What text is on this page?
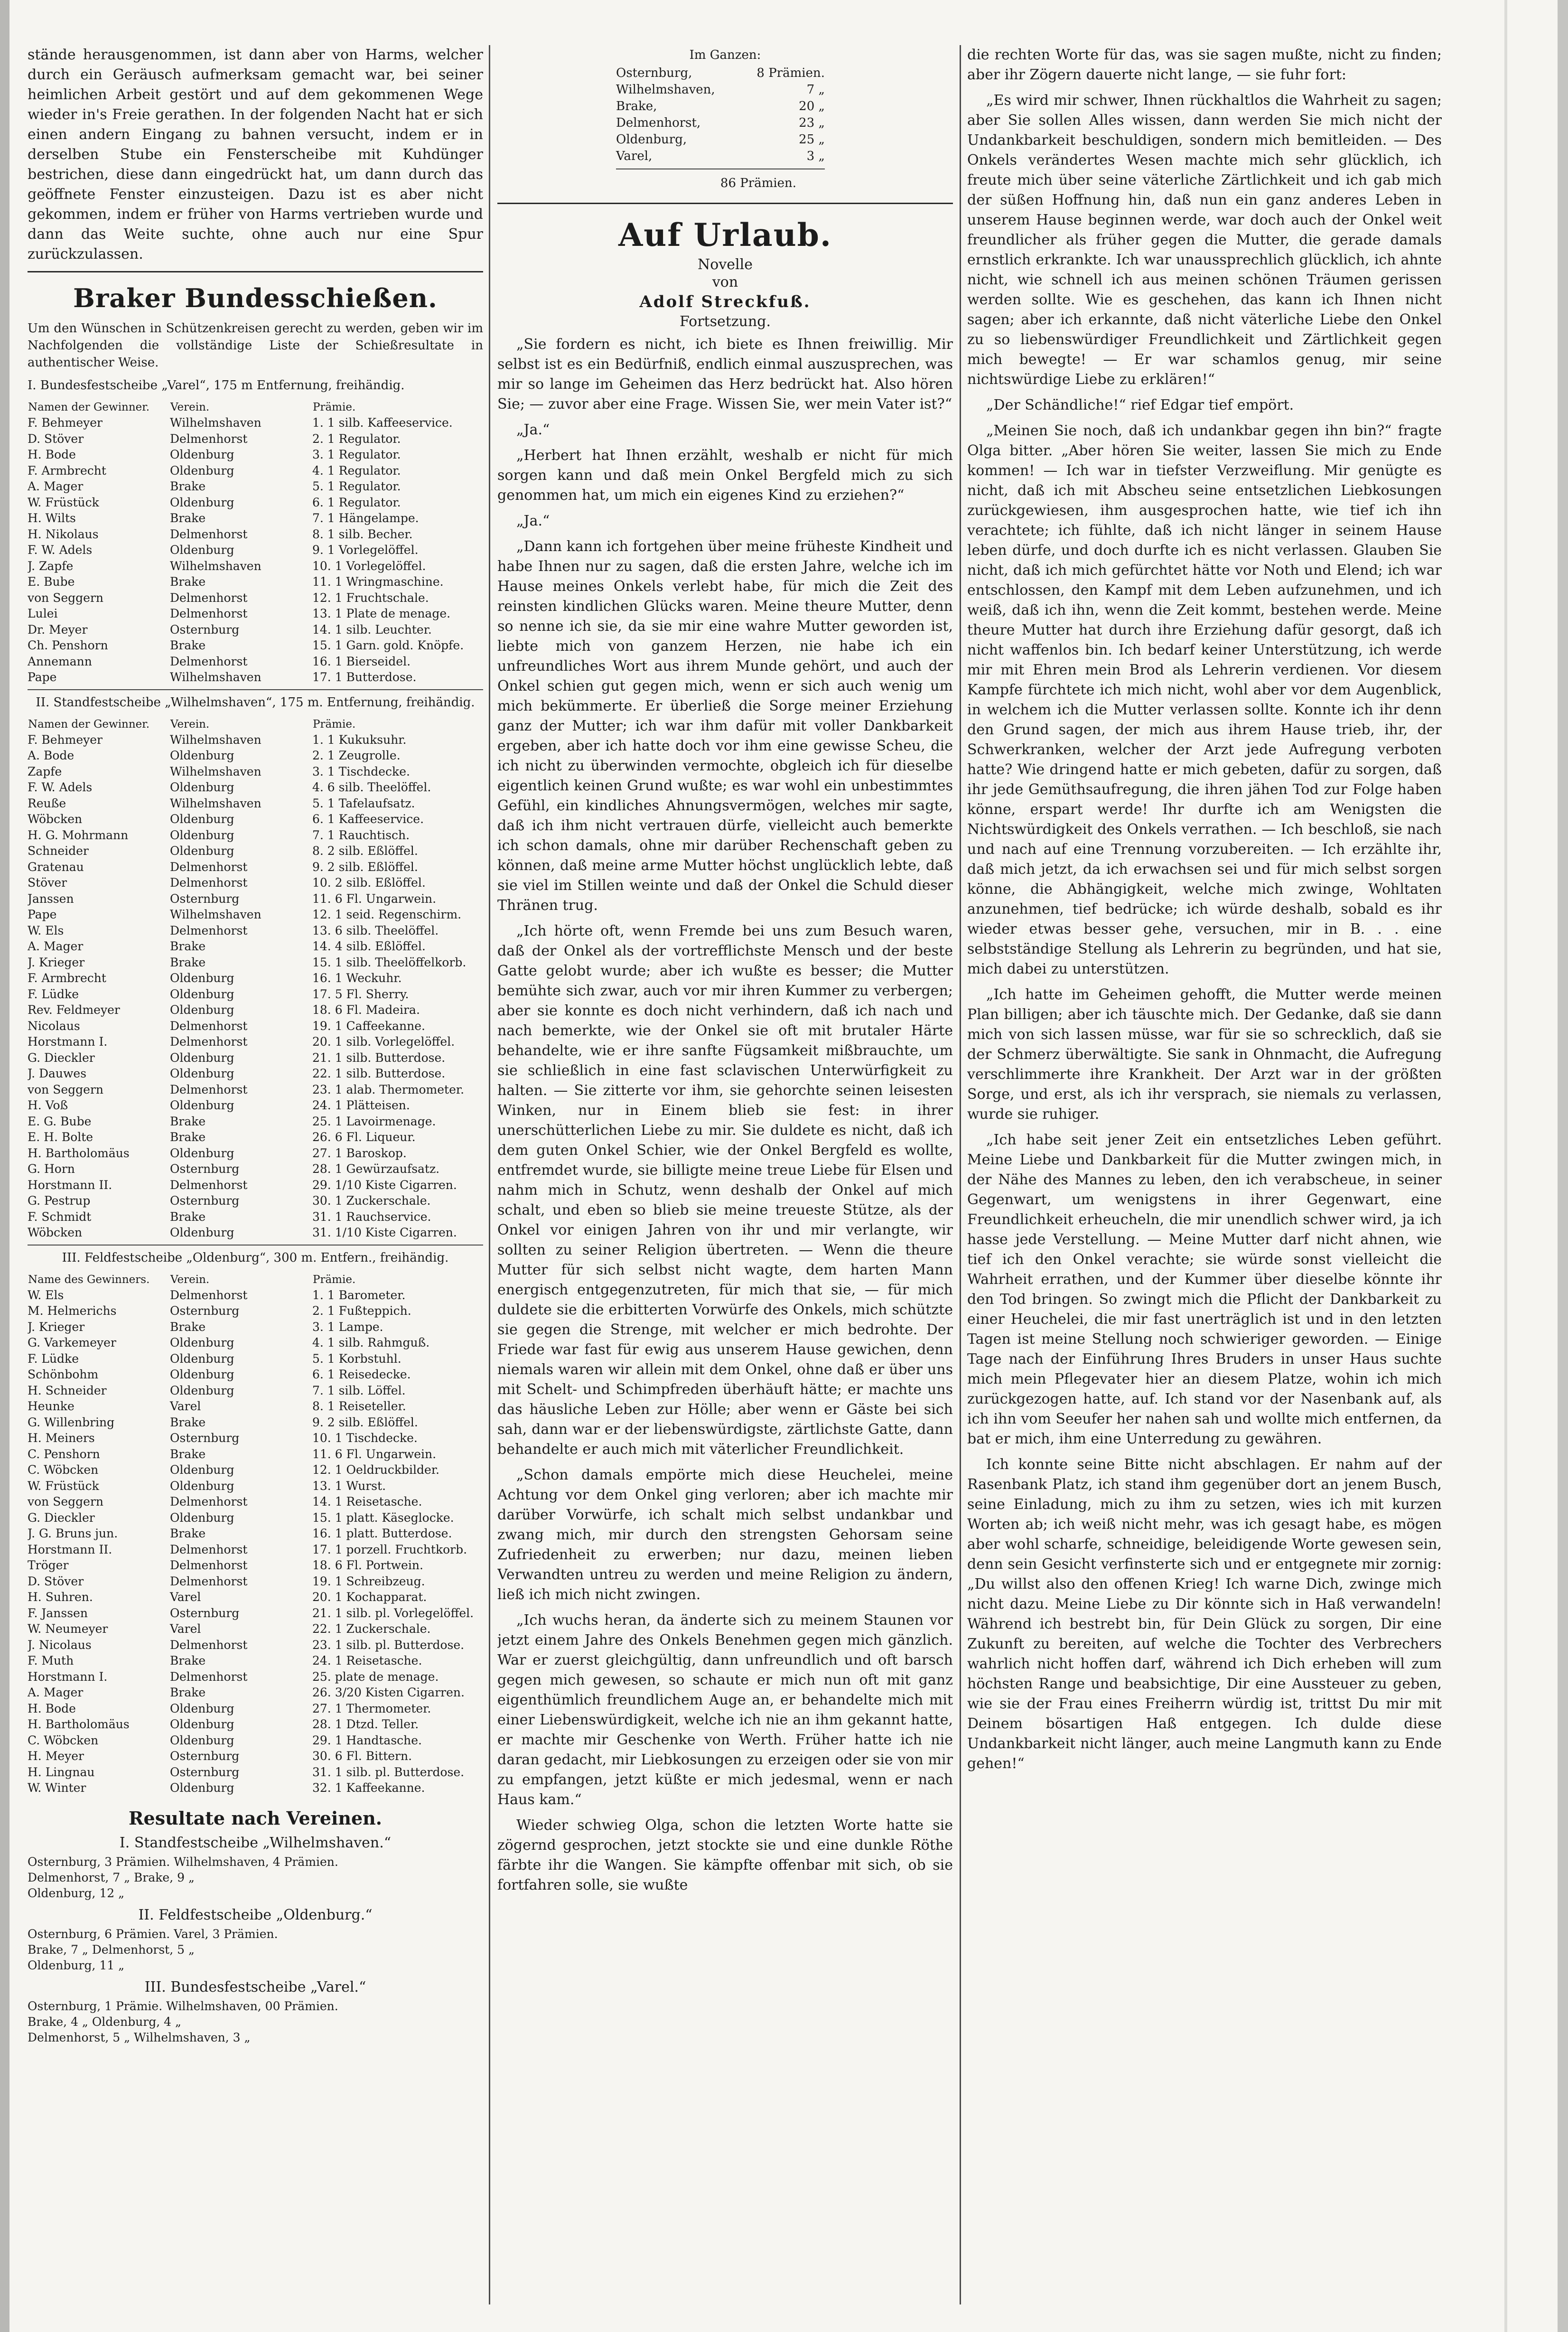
stände herausgenommen, ist dann aber von Harms, welcher durch ein Geräusch aufmerksam gemacht war, bei seiner heimlichen Arbeit gestört und auf dem gekommenen Wege wieder in's Freie gerathen. In der folgenden Nacht hat er sich einen andern Eingang zu bahnen versucht, indem er in derselben Stube ein Fensterscheibe mit Kuhdünger bestrichen, diese dann eingedrückt hat, um dann durch das geöffnete Fenster einzusteigen. Dazu ist es aber nicht gekommen, indem er früher von Harms vertrieben wurde und dann das Weite suchte, ohne auch nur eine Spur zurückzulassen.

Braker Bundesschießen.

Um den Wünschen in Schützenkreisen gerecht zu werden, geben wir im Nachfolgenden die vollständige Liste der Schießresultate in authentischer Weise.

I. Bundesfestscheibe „Varel“, 175 m Entfernung, freihändig.

Namen der Gewinner.	Verein.	Prämie.
F. Behmeyer	Wilhelmshaven	1. 1 silb. Kaffeeservice.
D. Stöver	Delmenhorst	2. 1 Regulator.
H. Bode	Oldenburg	3. 1 Regulator.
F. Armbrecht	Oldenburg	4. 1 Regulator.
A. Mager	Brake	5. 1 Regulator.
W. Früstück	Oldenburg	6. 1 Regulator.
H. Wilts	Brake	7. 1 Hängelampe.
H. Nikolaus	Delmenhorst	8. 1 silb. Becher.
F. W. Adels	Oldenburg	9. 1 Vorlegelöffel.
J. Zapfe	Wilhelmshaven	10. 1 Vorlegelöffel.
E. Bube	Brake	11. 1 Wringmaschine.
von Seggern	Delmenhorst	12. 1 Fruchtschale.
Lulei	Delmenhorst	13. 1 Plate de menage.
Dr. Meyer	Osternburg	14. 1 silb. Leuchter.
Ch. Penshorn	Brake	15. 1 Garn. gold. Knöpfe.
Annemann	Delmenhorst	16. 1 Bierseidel.
Pape	Wilhelmshaven	17. 1 Butterdose.

II. Standfestscheibe „Wilhelmshaven“, 175 m. Entfernung, freihändig.

Namen der Gewinner.	Verein.	Prämie.
F. Behmeyer	Wilhelmshaven	1. 1 Kukuksuhr.
A. Bode	Oldenburg	2. 1 Zeugrolle.
Zapfe	Wilhelmshaven	3. 1 Tischdecke.
F. W. Adels	Oldenburg	4. 6 silb. Theelöffel.
Reuße	Wilhelmshaven	5. 1 Tafelaufsatz.
Wöbcken	Oldenburg	6. 1 Kaffeeservice.
H. G. Mohrmann	Oldenburg	7. 1 Rauchtisch.
Schneider	Oldenburg	8. 2 silb. Eßlöffel.
Gratenau	Delmenhorst	9. 2 silb. Eßlöffel.
Stöver	Delmenhorst	10. 2 silb. Eßlöffel.
Janssen	Osternburg	11. 6 Fl. Ungarwein.
Pape	Wilhelmshaven	12. 1 seid. Regenschirm.
W. Els	Delmenhorst	13. 6 silb. Theelöffel.
A. Mager	Brake	14. 4 silb. Eßlöffel.
J. Krieger	Brake	15. 1 silb. Theelöffelkorb.
F. Armbrecht	Oldenburg	16. 1 Weckuhr.
F. Lüdke	Oldenburg	17. 5 Fl. Sherry.
Rev. Feldmeyer	Oldenburg	18. 6 Fl. Madeira.
Nicolaus	Delmenhorst	19. 1 Caffeekanne.
Horstmann I.	Delmenhorst	20. 1 silb. Vorlegelöffel.
G. Dieckler	Oldenburg	21. 1 silb. Butterdose.
J. Dauwes	Oldenburg	22. 1 silb. Butterdose.
von Seggern	Delmenhorst	23. 1 alab. Thermometer.
H. Voß	Oldenburg	24. 1 Plätteisen.
E. G. Bube	Brake	25. 1 Lavoirmenage.
E. H. Bolte	Brake	26. 6 Fl. Liqueur.
H. Bartholomäus	Oldenburg	27. 1 Baroskop.
G. Horn	Osternburg	28. 1 Gewürzaufsatz.
Horstmann II.	Delmenhorst	29. 1/10 Kiste Cigarren.
G. Pestrup	Osternburg	30. 1 Zuckerschale.
F. Schmidt	Brake	31. 1 Rauchservice.
Wöbcken	Oldenburg	31. 1/10 Kiste Cigarren.

III. Feldfestscheibe „Oldenburg“, 300 m. Entfern., freihändig.

Name des Gewinners.	Verein.	Prämie.
W. Els	Delmenhorst	1. 1 Barometer.
M. Helmerichs	Osternburg	2. 1 Fußteppich.
J. Krieger	Brake	3. 1 Lampe.
G. Varkemeyer	Oldenburg	4. 1 silb. Rahmguß.
F. Lüdke	Oldenburg	5. 1 Korbstuhl.
Schönbohm	Oldenburg	6. 1 Reisedecke.
H. Schneider	Oldenburg	7. 1 silb. Löffel.
Heunke	Varel	8. 1 Reiseteller.
G. Willenbring	Brake	9. 2 silb. Eßlöffel.
H. Meiners	Osternburg	10. 1 Tischdecke.
C. Penshorn	Brake	11. 6 Fl. Ungarwein.
C. Wöbcken	Oldenburg	12. 1 Oeldruckbilder.
W. Früstück	Oldenburg	13. 1 Wurst.
von Seggern	Delmenhorst	14. 1 Reisetasche.
G. Dieckler	Oldenburg	15. 1 platt. Käseglocke.
J. G. Bruns jun.	Brake	16. 1 platt. Butterdose.
Horstmann II.	Delmenhorst	17. 1 porzell. Fruchtkorb.
Tröger	Delmenhorst	18. 6 Fl. Portwein.
D. Stöver	Delmenhorst	19. 1 Schreibzeug.
H. Suhren.	Varel	20. 1 Kochapparat.
F. Janssen	Osternburg	21. 1 silb. pl. Vorlegelöffel.
W. Neumeyer	Varel	22. 1 Zuckerschale.
J. Nicolaus	Delmenhorst	23. 1 silb. pl. Butterdose.
F. Muth	Brake	24. 1 Reisetasche.
Horstmann I.	Delmenhorst	25. plate de menage.
A. Mager	Brake	26. 3/20 Kisten Cigarren.
H. Bode	Oldenburg	27. 1 Thermometer.
H. Bartholomäus	Oldenburg	28. 1 Dtzd. Teller.
C. Wöbcken	Oldenburg	29. 1 Handtasche.
H. Meyer	Osternburg	30. 6 Fl. Bittern.
H. Lingnau	Osternburg	31. 1 silb. pl. Butterdose.
W. Winter	Oldenburg	32. 1 Kaffeekanne.
Resultate nach Vereinen.
I. Standfestscheibe „Wilhelmshaven.“

Osternburg, 3 Prämien. Wilhelmshaven, 4 Prämien.

Delmenhorst, 7 „ Brake, 9 „

Oldenburg, 12 „

II. Feldfestscheibe „Oldenburg.“

Osternburg, 6 Prämien. Varel, 3 Prämien.

Brake, 7 „ Delmenhorst, 5 „

Oldenburg, 11 „

III. Bundesfestscheibe „Varel.“

Osternburg, 1 Prämie. Wilhelmshaven, 00 Prämien.

Brake, 4 „ Oldenburg, 4 „

Delmenhorst, 5 „ Wilhelmshaven, 3 „

Im Ganzen:

Osternburg,	8 Prämien.
Wilhelmshaven,	7 „
Brake,	20 „
Delmenhorst,	23 „
Oldenburg,	25 „
Varel,	3 „

86 Prämien.

Auf Urlaub.
Novelle
von
Adolf Streckfuß.
Fortsetzung.

„Sie fordern es nicht, ich biete es Ihnen freiwillig. Mir selbst ist es ein Bedürfniß, endlich einmal auszusprechen, was mir so lange im Geheimen das Herz bedrückt hat. Also hören Sie; — zuvor aber eine Frage. Wissen Sie, wer mein Vater ist?“

„Ja.“

„Herbert hat Ihnen erzählt, weshalb er nicht für mich sorgen kann und daß mein Onkel Bergfeld mich zu sich genommen hat, um mich ein eigenes Kind zu erziehen?“

„Ja.“

„Dann kann ich fortgehen über meine früheste Kindheit und habe Ihnen nur zu sagen, daß die ersten Jahre, welche ich im Hause meines Onkels verlebt habe, für mich die Zeit des reinsten kindlichen Glücks waren. Meine theure Mutter, denn so nenne ich sie, da sie mir eine wahre Mutter geworden ist, liebte mich von ganzem Herzen, nie habe ich ein unfreundliches Wort aus ihrem Munde gehört, und auch der Onkel schien gut gegen mich, wenn er sich auch wenig um mich bekümmerte. Er überließ die Sorge meiner Erziehung ganz der Mutter; ich war ihm dafür mit voller Dankbarkeit ergeben, aber ich hatte doch vor ihm eine gewisse Scheu, die ich nicht zu überwinden vermochte, obgleich ich für dieselbe eigentlich keinen Grund wußte; es war wohl ein unbestimmtes Gefühl, ein kindliches Ahnungsvermögen, welches mir sagte, daß ich ihm nicht vertrauen dürfe, vielleicht auch bemerkte ich schon damals, ohne mir darüber Rechenschaft geben zu können, daß meine arme Mutter höchst unglücklich lebte, daß sie viel im Stillen weinte und daß der Onkel die Schuld dieser Thränen trug.

„Ich hörte oft, wenn Fremde bei uns zum Besuch waren, daß der Onkel als der vortrefflichste Mensch und der beste Gatte gelobt wurde; aber ich wußte es besser; die Mutter bemühte sich zwar, auch vor mir ihren Kummer zu verbergen; aber sie konnte es doch nicht verhindern, daß ich nach und nach bemerkte, wie der Onkel sie oft mit brutaler Härte behandelte, wie er ihre sanfte Fügsamkeit mißbrauchte, um sie schließlich in eine fast sclavischen Unterwürfigkeit zu halten. — Sie zitterte vor ihm, sie gehorchte seinen leisesten Winken, nur in Einem blieb sie fest: in ihrer unerschütterlichen Liebe zu mir. Sie duldete es nicht, daß ich dem guten Onkel Schier, wie der Onkel Bergfeld es wollte, entfremdet wurde, sie billigte meine treue Liebe für Elsen und nahm mich in Schutz, wenn deshalb der Onkel auf mich schalt, und eben so blieb sie meine treueste Stütze, als der Onkel vor einigen Jahren von ihr und mir verlangte, wir sollten zu seiner Religion übertreten. — Wenn die theure Mutter für sich selbst nicht wagte, dem harten Mann energisch entgegenzutreten, für mich that sie, — für mich duldete sie die erbitterten Vorwürfe des Onkels, mich schützte sie gegen die Strenge, mit welcher er mich bedrohte. Der Friede war fast für ewig aus unserem Hause gewichen, denn niemals waren wir allein mit dem Onkel, ohne daß er über uns mit Schelt- und Schimpfreden überhäuft hätte; er machte uns das häusliche Leben zur Hölle; aber wenn er Gäste bei sich sah, dann war er der liebenswürdigste, zärtlichste Gatte, dann behandelte er auch mich mit väterlicher Freundlichkeit.

„Schon damals empörte mich diese Heuchelei, meine Achtung vor dem Onkel ging verloren; aber ich machte mir darüber Vorwürfe, ich schalt mich selbst undankbar und zwang mich, mir durch den strengsten Gehorsam seine Zufriedenheit zu erwerben; nur dazu, meinen lieben Verwandten untreu zu werden und meine Religion zu ändern, ließ ich mich nicht zwingen.

„Ich wuchs heran, da änderte sich zu meinem Staunen vor jetzt einem Jahre des Onkels Benehmen gegen mich gänzlich. War er zuerst gleichgültig, dann unfreundlich und oft barsch gegen mich gewesen, so schaute er mich nun oft mit ganz eigenthümlich freundlichem Auge an, er behandelte mich mit einer Liebenswürdigkeit, welche ich nie an ihm gekannt hatte, er machte mir Geschenke von Werth. Früher hatte ich nie daran gedacht, mir Liebkosungen zu erzeigen oder sie von mir zu empfangen, jetzt küßte er mich jedesmal, wenn er nach Haus kam.“

Wieder schwieg Olga, schon die letzten Worte hatte sie zögernd gesprochen, jetzt stockte sie und eine dunkle Röthe färbte ihr die Wangen. Sie kämpfte offenbar mit sich, ob sie fortfahren solle, sie wußte

die rechten Worte für das, was sie sagen mußte, nicht zu finden; aber ihr Zögern dauerte nicht lange, — sie fuhr fort:

„Es wird mir schwer, Ihnen rückhaltlos die Wahrheit zu sagen; aber Sie sollen Alles wissen, dann werden Sie mich nicht der Undankbarkeit beschuldigen, sondern mich bemitleiden. — Des Onkels verändertes Wesen machte mich sehr glücklich, ich freute mich über seine väterliche Zärtlichkeit und ich gab mich der süßen Hoffnung hin, daß nun ein ganz anderes Leben in unserem Hause beginnen werde, war doch auch der Onkel weit freundlicher als früher gegen die Mutter, die gerade damals ernstlich erkrankte. Ich war unaussprechlich glücklich, ich ahnte nicht, wie schnell ich aus meinen schönen Träumen gerissen werden sollte. Wie es geschehen, das kann ich Ihnen nicht sagen; aber ich erkannte, daß nicht väterliche Liebe den Onkel zu so liebenswürdiger Freundlichkeit und Zärtlichkeit gegen mich bewegte! — Er war schamlos genug, mir seine nichtswürdige Liebe zu erklären!“

„Der Schändliche!“ rief Edgar tief empört.

„Meinen Sie noch, daß ich undankbar gegen ihn bin?“ fragte Olga bitter. „Aber hören Sie weiter, lassen Sie mich zu Ende kommen! — Ich war in tiefster Verzweiflung. Mir genügte es nicht, daß ich mit Abscheu seine entsetzlichen Liebkosungen zurückgewiesen, ihm ausgesprochen hatte, wie tief ich ihn verachtete; ich fühlte, daß ich nicht länger in seinem Hause leben dürfe, und doch durfte ich es nicht verlassen. Glauben Sie nicht, daß ich mich gefürchtet hätte vor Noth und Elend; ich war entschlossen, den Kampf mit dem Leben aufzunehmen, und ich weiß, daß ich ihn, wenn die Zeit kommt, bestehen werde. Meine theure Mutter hat durch ihre Erziehung dafür gesorgt, daß ich nicht waffenlos bin. Ich bedarf keiner Unterstützung, ich werde mir mit Ehren mein Brod als Lehrerin verdienen. Vor diesem Kampfe fürchtete ich mich nicht, wohl aber vor dem Augenblick, in welchem ich die Mutter verlassen sollte. Konnte ich ihr denn den Grund sagen, der mich aus ihrem Hause trieb, ihr, der Schwerkranken, welcher der Arzt jede Aufregung verboten hatte? Wie dringend hatte er mich gebeten, dafür zu sorgen, daß ihr jede Gemüthsaufregung, die ihren jähen Tod zur Folge haben könne, erspart werde! Ihr durfte ich am Wenigsten die Nichtswürdigkeit des Onkels verrathen. — Ich beschloß, sie nach und nach auf eine Trennung vorzubereiten. — Ich erzählte ihr, daß mich jetzt, da ich erwachsen sei und für mich selbst sorgen könne, die Abhängigkeit, welche mich zwinge, Wohltaten anzunehmen, tief bedrücke; ich würde deshalb, sobald es ihr wieder etwas besser gehe, versuchen, mir in B. . . eine selbstständige Stellung als Lehrerin zu begründen, und hat sie, mich dabei zu unterstützen.

„Ich hatte im Geheimen gehofft, die Mutter werde meinen Plan billigen; aber ich täuschte mich. Der Gedanke, daß sie dann mich von sich lassen müsse, war für sie so schrecklich, daß sie der Schmerz überwältigte. Sie sank in Ohnmacht, die Aufregung verschlimmerte ihre Krankheit. Der Arzt war in der größten Sorge, und erst, als ich ihr versprach, sie niemals zu verlassen, wurde sie ruhiger.

„Ich habe seit jener Zeit ein entsetzliches Leben geführt. Meine Liebe und Dankbarkeit für die Mutter zwingen mich, in der Nähe des Mannes zu leben, den ich verabscheue, in seiner Gegenwart, um wenigstens in ihrer Gegenwart, eine Freundlichkeit erheucheln, die mir unendlich schwer wird, ja ich hasse jede Verstellung. — Meine Mutter darf nicht ahnen, wie tief ich den Onkel verachte; sie würde sonst vielleicht die Wahrheit errathen, und der Kummer über dieselbe könnte ihr den Tod bringen. So zwingt mich die Pflicht der Dankbarkeit zu einer Heuchelei, die mir fast unerträglich ist und in den letzten Tagen ist meine Stellung noch schwieriger geworden. — Einige Tage nach der Einführung Ihres Bruders in unser Haus suchte mich mein Pflegevater hier an diesem Platze, wohin ich mich zurückgezogen hatte, auf. Ich stand vor der Nasenbank auf, als ich ihn vom Seeufer her nahen sah und wollte mich entfernen, da bat er mich, ihm eine Unterredung zu gewähren.

Ich konnte seine Bitte nicht abschlagen. Er nahm auf der Rasenbank Platz, ich stand ihm gegenüber dort an jenem Busch, seine Einladung, mich zu ihm zu setzen, wies ich mit kurzen Worten ab; ich weiß nicht mehr, was ich gesagt habe, es mögen aber wohl scharfe, schneidige, beleidigende Worte gewesen sein, denn sein Gesicht verfinsterte sich und er entgegnete mir zornig: „Du willst also den offenen Krieg! Ich warne Dich, zwinge mich nicht dazu. Meine Liebe zu Dir könnte sich in Haß verwandeln! Während ich bestrebt bin, für Dein Glück zu sorgen, Dir eine Zukunft zu bereiten, auf welche die Tochter des Verbrechers wahrlich nicht hoffen darf, während ich Dich erheben will zum höchsten Range und beabsichtige, Dir eine Aussteuer zu geben, wie sie der Frau eines Freiherrn würdig ist, trittst Du mir mit Deinem bösartigen Haß entgegen. Ich dulde diese Undankbarkeit nicht länger, auch meine Langmuth kann zu Ende gehen!“
